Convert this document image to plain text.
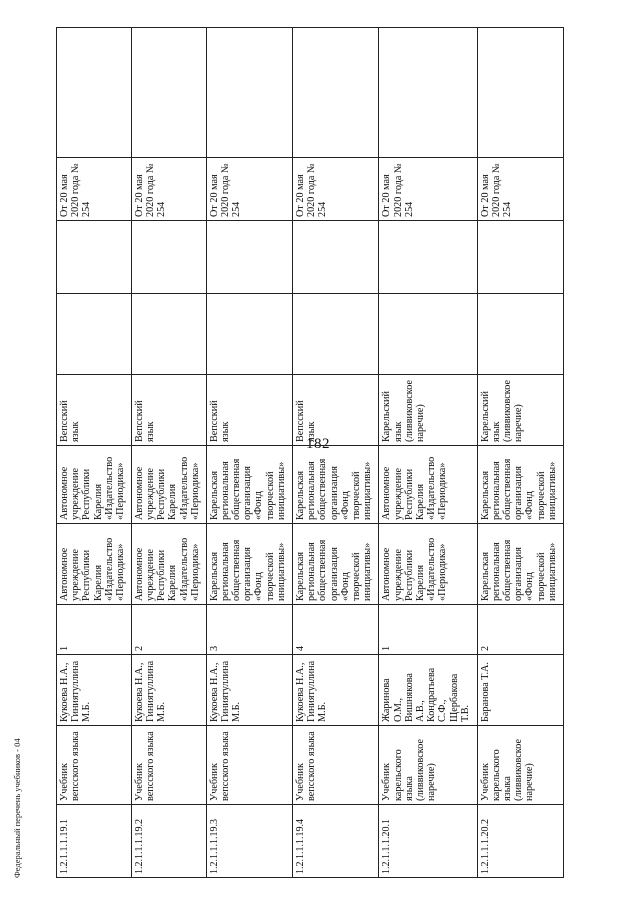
182
1.2.1.1.1.19.1	Учебник вепсского языка	Кукоева Н.А., Гиниятуллина М.Б.	1	Автономное учреждение Республики Карелия «Издательство «Периодика»	Автономное учреждение Республики Карелия «Издательство «Периодика»	Вепсский язык			От 20 мая 2020 года № 254	
1.2.1.1.1.19.2	Учебник вепсского языка	Кукоева Н.А., Гиниятуллина М.Б.	2	Автономное учреждение Республики Карелия «Издательство «Периодика»	Автономное учреждение Республики Карелия «Издательство «Периодика»	Вепсский язык			От 20 мая 2020 года № 254	
1.2.1.1.1.19.3	Учебник вепсского языка	Кукоева Н.А., Гиниятуллина М.Б.	3	Карельская региональная общественная организация «Фонд творческой инициативы»	Карельская региональная общественная организация «Фонд творческой инициативы»	Вепсский язык			От 20 мая 2020 года № 254	
1.2.1.1.1.19.4	Учебник вепсского языка	Кукоева Н.А., Гиниятуллина М.Б.	4	Карельская региональная общественная организация «Фонд творческой инициативы»	Карельская региональная общественная организация «Фонд творческой инициативы»	Вепсский язык			От 20 мая 2020 года № 254	
1.2.1.1.1.20.1	Учебник карельского языка (ливвиковское наречие)	Жаринова О.М., Вишнякова А.В., Кондратьева С.Ф., Щербакова Т.В.	1	Автономное учреждение Республики Карелия «Издательство «Периодика»	Автономное учреждение Республики Карелия «Издательство «Периодика»	Карельский язык (ливвиковское наречие)			От 20 мая 2020 года № 254	
1.2.1.1.1.20.2	Учебник карельского языка (ливвиковское наречие)	Баранова Т.А.	2	Карельская региональная общественная организация «Фонд творческой инициативы»	Карельская региональная общественная организация «Фонд творческой инициативы»	Карельский язык (ливвиковское наречие)			От 20 мая 2020 года № 254	
Федеральный перечень учебников - 04
